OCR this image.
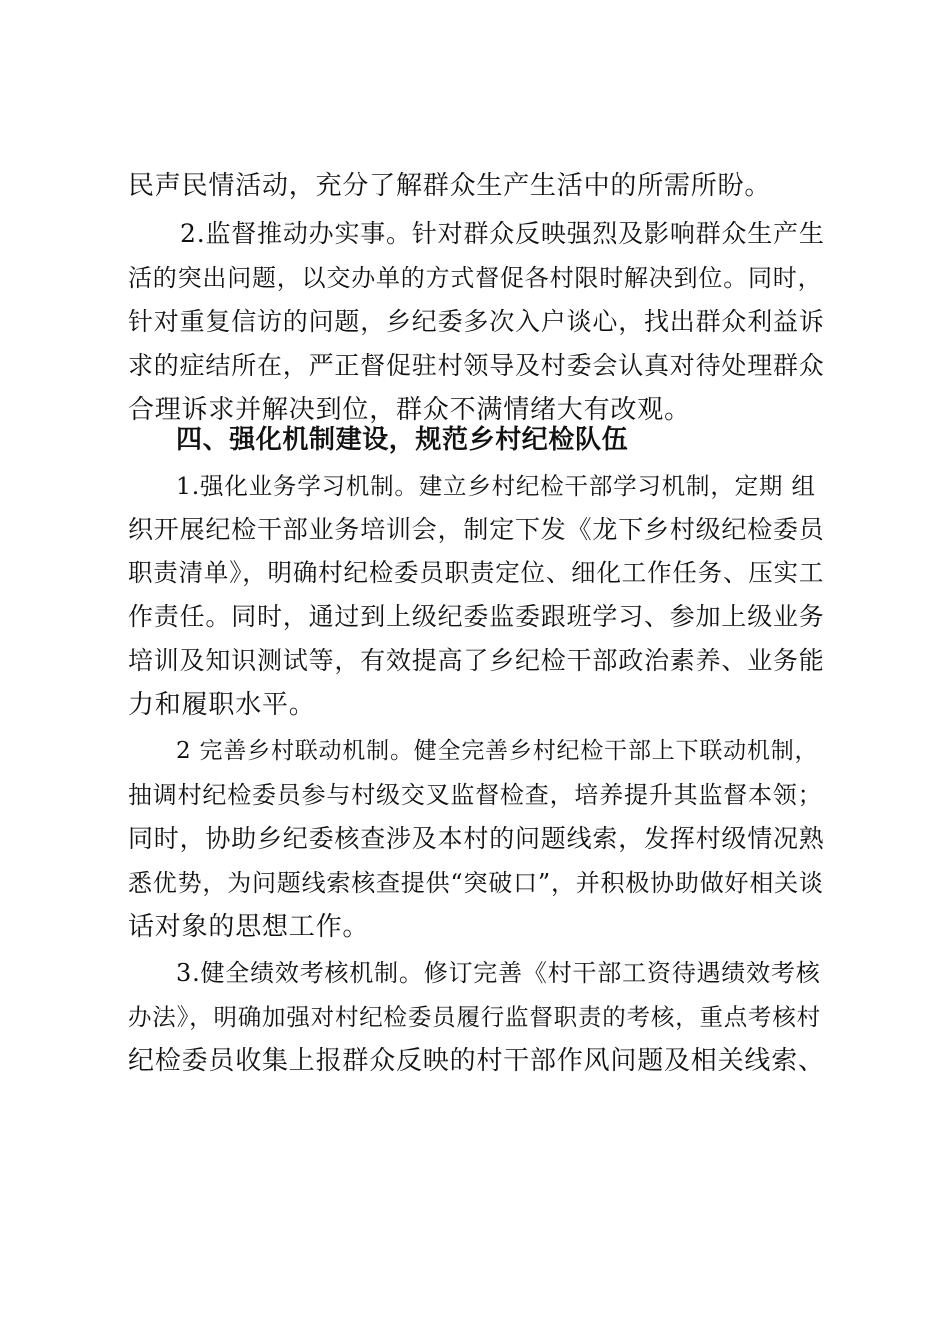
民声民情活动，充分了解群众生产生活中的所需所盼。
2.监督推动办实事。针对群众反映强烈及影响群众生产生
活的突出问题，以交办单的方式督促各村限时解决到位。同时，
针对重复信访的问题，乡纪委多次入户谈心，找出群众利益诉
求的症结所在，严正督促驻村领导及村委会认真对待处理群众
合理诉求并解决到位，群众不满情绪大有改观。
四、强化机制建设，规范乡村纪检队伍
1.强化业务学习机制。建立乡村纪检干部学习机制，定期 组
织开展纪检干部业务培训会，制定下发《龙下乡村级纪检委员
职责清单》，明确村纪检委员职责定位、细化工作任务、压实工
作责任。同时，通过到上级纪委监委跟班学习、参加上级业务
培训及知识测试等，有效提高了乡纪检干部政治素养、业务能
力和履职水平。
2 完善乡村联动机制。健全完善乡村纪检干部上下联动机制，
抽调村纪检委员参与村级交叉监督检查，培养提升其监督本领；
同时，协助乡纪委核查涉及本村的问题线索，发挥村级情况熟
悉优势，为问题线索核查提供“突破口”，并积极协助做好相关谈
话对象的思想工作。
3.健全绩效考核机制。修订完善《村干部工资待遇绩效考核
办法》，明确加强对村纪检委员履行监督职责的考核，重点考核村
纪检委员收集上报群众反映的村干部作风问题及相关线索、
